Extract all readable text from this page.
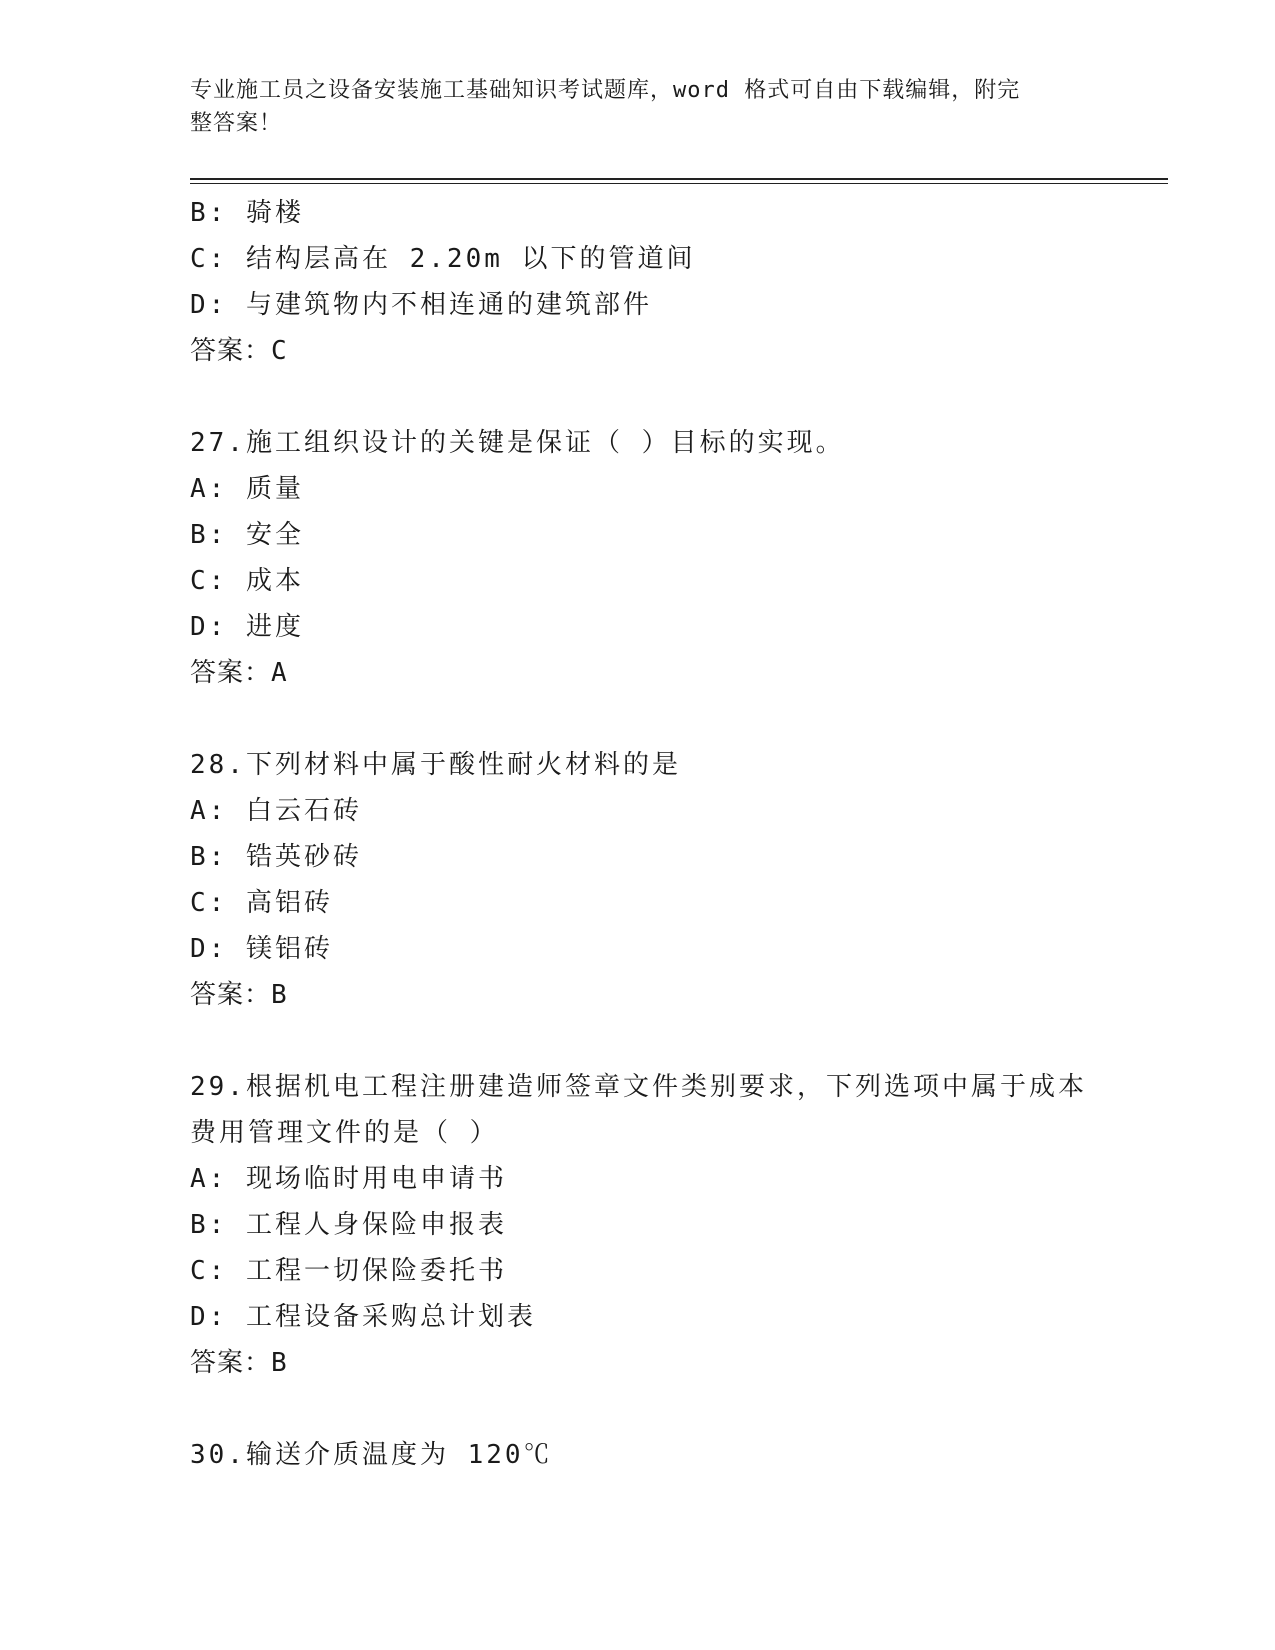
专业施工员之设备安装施工基础知识考试题库，word 格式可自由下载编辑，附完
整答案！
B: 骑楼
C: 结构层高在 2.20m 以下的管道间
D: 与建筑物内不相连通的建筑部件
答案：C
27.施工组织设计的关键是保证（ ）目标的实现。
A: 质量
B: 安全
C: 成本
D: 进度
答案：A
28.下列材料中属于酸性耐火材料的是
A: 白云石砖
B: 锆英砂砖
C: 高铝砖
D: 镁铝砖
答案：B
29.根据机电工程注册建造师签章文件类别要求，下列选项中属于成本
费用管理文件的是（ ）
A: 现场临时用电申请书
B: 工程人身保险申报表
C: 工程一切保险委托书
D: 工程设备采购总计划表
答案：B
30.输送介质温度为 120℃
